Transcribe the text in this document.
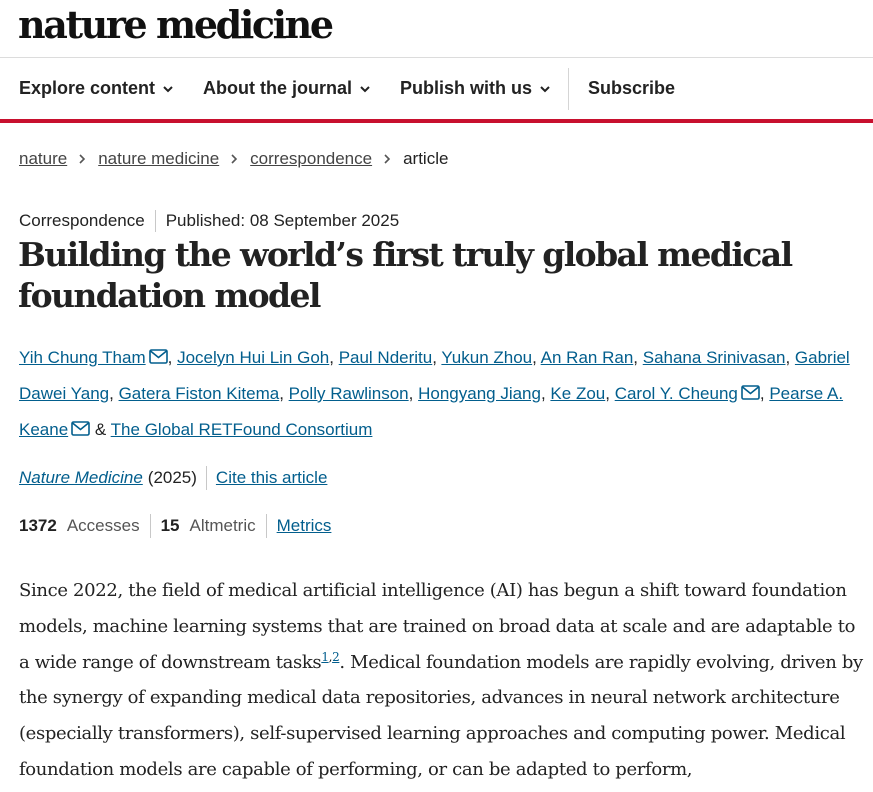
nature medicine
Explore content	About the journal	Publish with us	Subscribe
nature nature medicine correspondence article
Correspondence Published: 08 September 2025
Building the world’s first truly global medical foundation model
Yih Chung Tham , Jocelyn Hui Lin Goh, Paul Nderitu, Yukun Zhou, An Ran Ran, Sahana Srinivasan, Gabriel Dawei Yang, Gatera Fiston Kitema, Polly Rawlinson, Hongyang Jiang, Ke Zou, Carol Y. Cheung , Pearse A. Keane & The Global RETFound Consortium
Nature Medicine (2025) Cite this article
1372 Accesses 15 Altmetric Metrics

Since 2022, the field of medical artificial intelligence (AI) has begun a shift toward foundation models, machine learning systems that are trained on broad data at scale and are adaptable to a wide range of downstream tasks$^{1,2}$. Medical foundation models are rapidly evolving, driven by the synergy of expanding medical data repositories, advances in neural network architecture (especially transformers), self-supervised learning approaches and computing power. Medical foundation models are capable of performing, or can be adapted to perform,
